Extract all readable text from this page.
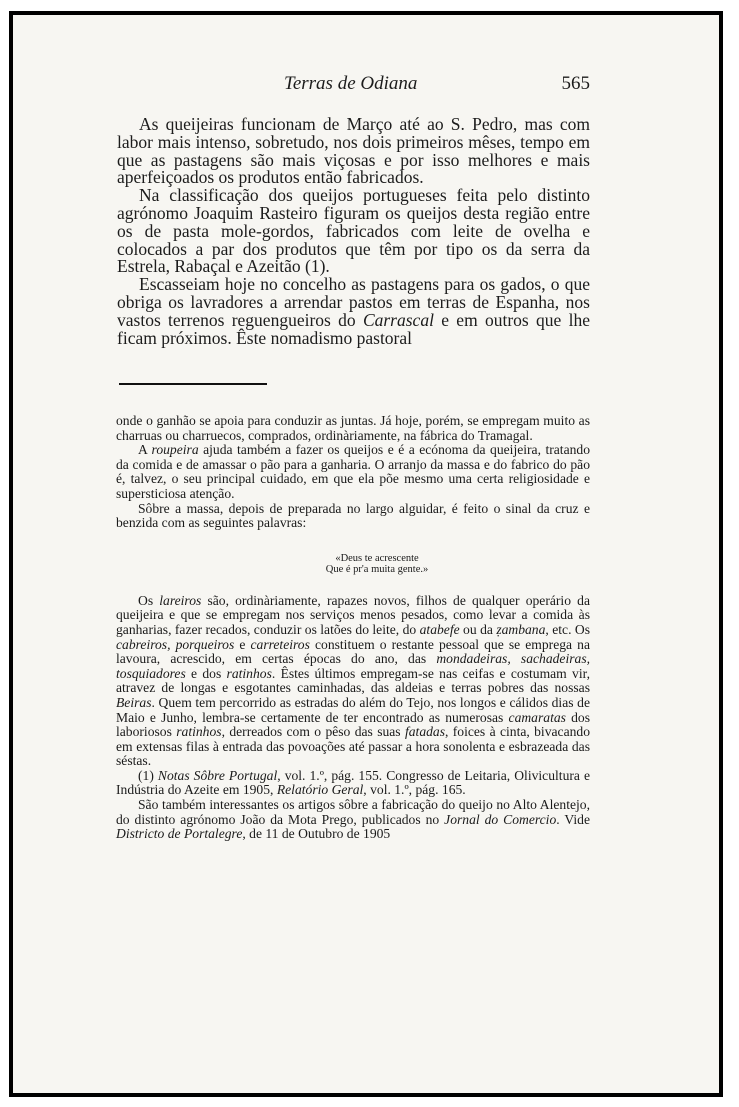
Terras de Odiana	565

As queijeiras funcionam de Março até ao S. Pedro, mas com labor mais intenso, sobretudo, nos dois primeiros mêses, tempo em que as pastagens são mais viçosas e por isso melhores e mais aperfeiçoados os produtos então fabricados.

Na classificação dos queijos portugueses feita pelo distinto agrónomo Joaquim Rasteiro figuram os queijos desta região entre os de pasta mole-gordos, fabricados com leite de ovelha e colocados a par dos produtos que têm por tipo os da serra da Estrela, Rabaçal e Azeitão (1).

Escasseiam hoje no concelho as pastagens para os gados, o que obriga os lavradores a arrendar pastos em terras de Espanha, nos vastos terrenos reguengueiros do Carrascal e em outros que lhe ficam próximos. Êste nomadismo pastoral

onde o ganhão se apoia para conduzir as juntas. Já hoje, porém, se empregam muito as charruas ou charruecos, comprados, ordinàriamente, na fábrica do Tramagal.

A roupeira ajuda também a fazer os queijos e é a ecónoma da queijeira, tratando da comida e de amassar o pão para a ganharia. O arranjo da massa e do fabrico do pão é, talvez, o seu principal cuidado, em que ela põe mesmo uma certa religiosidade e supersticiosa atenção.

Sôbre a massa, depois de preparada no largo alguidar, é feito o sinal da cruz e benzida com as seguintes palavras:

«Deus te acrescente
Que é pr'a muita gente.»

Os lareiros são, ordinàriamente, rapazes novos, filhos de qualquer operário da queijeira e que se empregam nos serviços menos pesados, como levar a comida às ganharias, fazer recados, conduzir os latões do leite, do atabefe ou da ẓambana, etc. Os cabreiros, porqueiros e carreteiros constituem o restante pessoal que se emprega na lavoura, acrescido, em certas épocas do ano, das mondadeiras, sachadeiras, tosquiadores e dos ratinhos. Êstes últimos empregam-se nas ceifas e costumam vir, atravez de longas e esgotantes caminhadas, das aldeias e terras pobres das nossas Beiras. Quem tem percorrido as estradas do além do Tejo, nos longos e cálidos dias de Maio e Junho, lembra-se certamente de ter encontrado as numerosas camaratas dos laboriosos ratinhos, derreados com o pêso das suas fatadas, foices à cinta, bivacando em extensas filas à entrada das povoações até passar a hora sonolenta e esbrazeada das séstas.

(1) Notas Sôbre Portugal, vol. 1.º, pág. 155. Congresso de Leitaria, Olivicultura e Indústria do Azeite em 1905, Relatório Geral, vol. 1.º, pág. 165.

São também interessantes os artigos sôbre a fabricação do queijo no Alto Alentejo, do distinto agrónomo João da Mota Prego, publicados no Jornal do Comercio. Vide Districto de Portalegre, de 11 de Outubro de 1905
